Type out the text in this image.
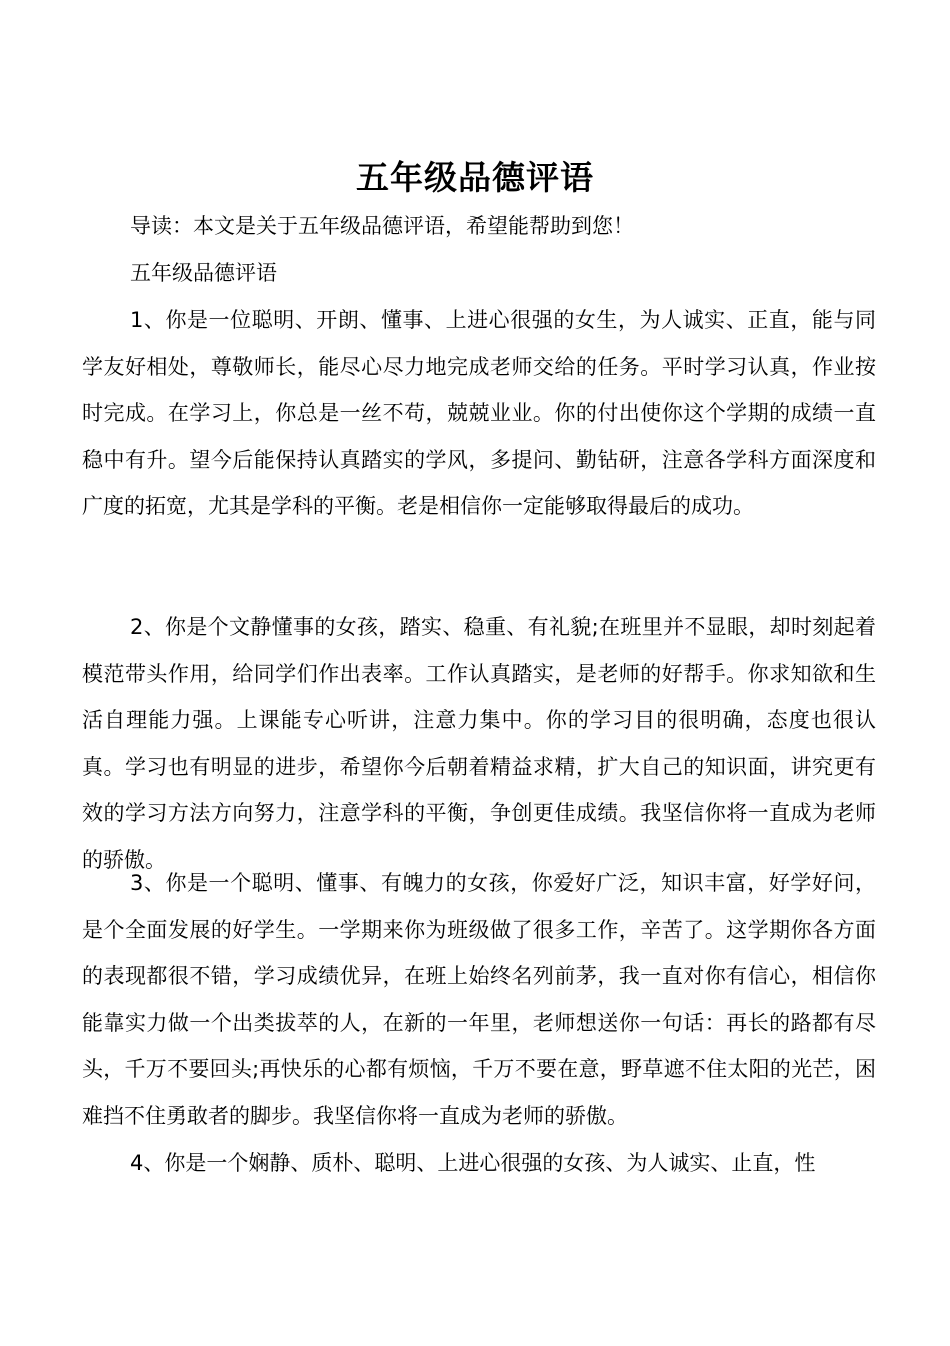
五年级品德评语

导读：本文是关于五年级品德评语，希望能帮助到您！

五年级品德评语

1、你是一位聪明、开朗、懂事、上进心很强的女生，为人诚实、正直，能与同学友好相处，尊敬师长，能尽心尽力地完成老师交给的任务。平时学习认真，作业按时完成。在学习上，你总是一丝不苟，兢兢业业。你的付出使你这个学期的成绩一直稳中有升。望今后能保持认真踏实的学风，多提问、勤钻研，注意各学科方面深度和广度的拓宽，尤其是学科的平衡。老是相信你一定能够取得最后的成功。

2、你是个文静懂事的女孩，踏实、稳重、有礼貌;在班里并不显眼，却时刻起着模范带头作用，给同学们作出表率。工作认真踏实，是老师的好帮手。你求知欲和生活自理能力强。上课能专心听讲，注意力集中。你的学习目的很明确，态度也很认真。学习也有明显的进步，希望你今后朝着精益求精，扩大自己的知识面，讲究更有效的学习方法方向努力，注意学科的平衡，争创更佳成绩。我坚信你将一直成为老师的骄傲。

3、你是一个聪明、懂事、有魄力的女孩，你爱好广泛，知识丰富，好学好问，是个全面发展的好学生。一学期来你为班级做了很多工作，辛苦了。这学期你各方面的表现都很不错，学习成绩优异，在班上始终名列前茅，我一直对你有信心，相信你能靠实力做一个出类拔萃的人，在新的一年里，老师想送你一句话：再长的路都有尽头，千万不要回头;再快乐的心都有烦恼，千万不要在意，野草遮不住太阳的光芒，困难挡不住勇敢者的脚步。我坚信你将一直成为老师的骄傲。

4、你是一个娴静、质朴、聪明、上进心很强的女孩、为人诚实、止直，性
